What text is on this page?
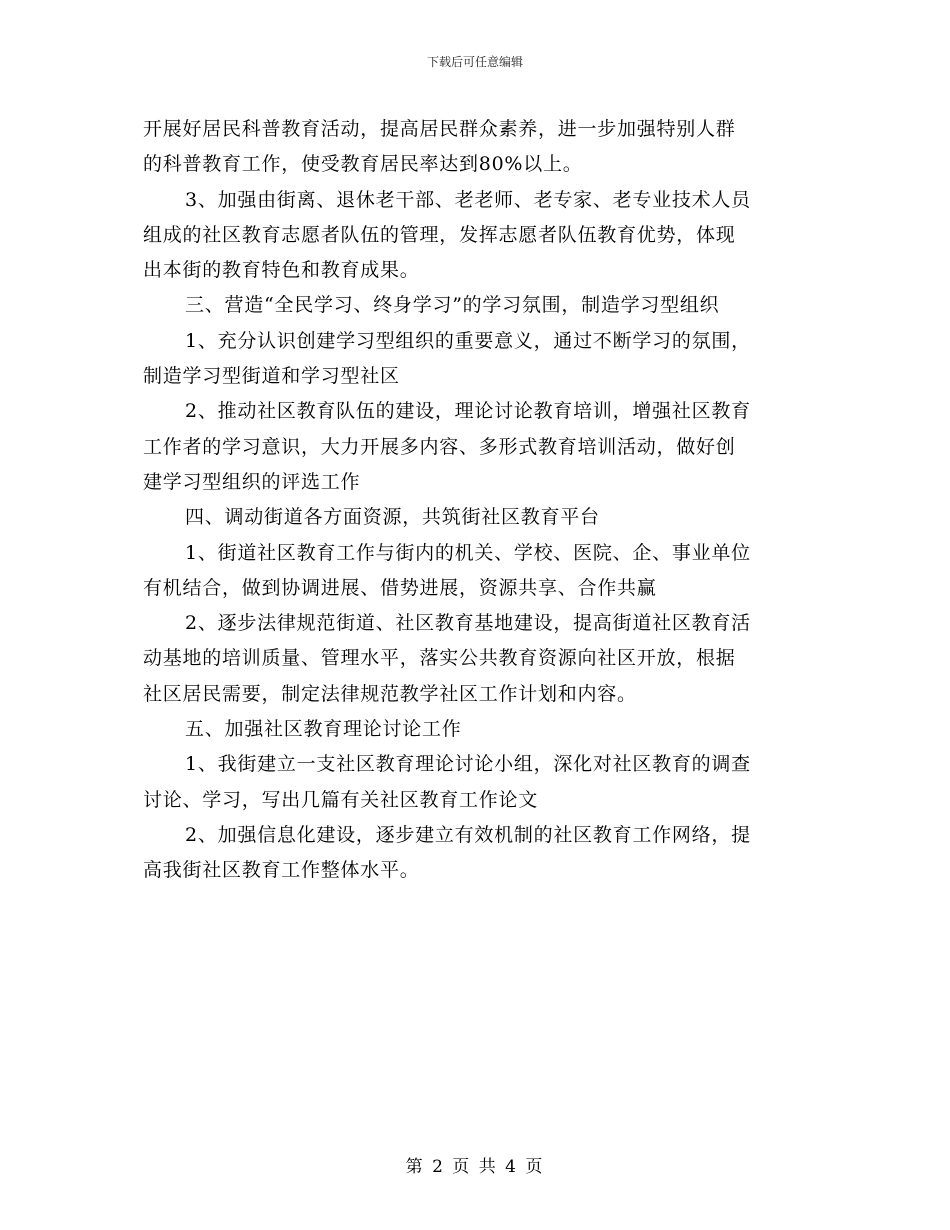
下载后可任意编辑
开展好居民科普教育活动，提高居民群众素养，进一步加强特别人群
的科普教育工作，使受教育居民率达到80%以上。
3、加强由街离、退休老干部、老老师、老专家、老专业技术人员
组成的社区教育志愿者队伍的管理，发挥志愿者队伍教育优势，体现
出本街的教育特色和教育成果。
三、营造“全民学习、终身学习”的学习氛围，制造学习型组织
1、充分认识创建学习型组织的重要意义，通过不断学习的氛围，
制造学习型街道和学习型社区
2、推动社区教育队伍的建设，理论讨论教育培训，增强社区教育
工作者的学习意识，大力开展多内容、多形式教育培训活动，做好创
建学习型组织的评选工作
四、调动街道各方面资源，共筑街社区教育平台
1、街道社区教育工作与街内的机关、学校、医院、企、事业单位
有机结合，做到协调进展、借势进展，资源共享、合作共赢
2、逐步法律规范街道、社区教育基地建设，提高街道社区教育活
动基地的培训质量、管理水平，落实公共教育资源向社区开放，根据
社区居民需要，制定法律规范教学社区工作计划和内容。
五、加强社区教育理论讨论工作
1、我街建立一支社区教育理论讨论小组，深化对社区教育的调查
讨论、学习，写出几篇有关社区教育工作论文
2、加强信息化建设，逐步建立有效机制的社区教育工作网络，提
高我街社区教育工作整体水平。
第 2 页 共 4 页
